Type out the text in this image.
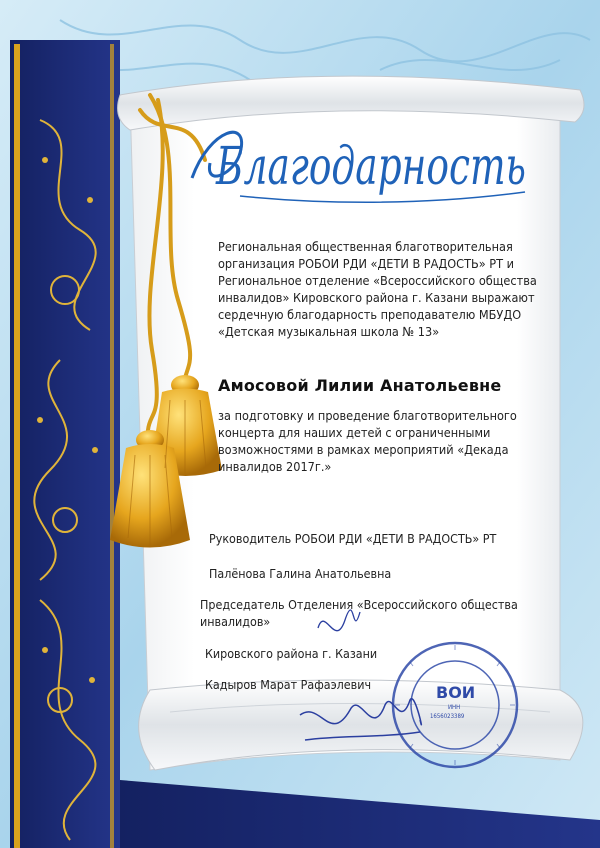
Благодарность
Региональная общественная благотворительная
организация РОБОИ РДИ «ДЕТИ В РАДОСТЬ» РТ и
Региональное отделение «Всероссийского общества
инвалидов» Кировского района г. Казани выражают
сердечную благодарность преподавателю МБУДО
«Детская музыкальная школа № 13»
Амосовой Лилии Анатольевне
за подготовку и проведение благотворительного
концерта для наших детей с ограниченными
возможностями в рамках мероприятий «Декада
инвалидов 2017г.»
Руководитель РОБОИ РДИ «ДЕТИ В РАДОСТЬ» РТ
Палёнова Галина Анатольевна
Председатель Отделения «Всероссийского общества
инвалидов»
Кировского района г. Казани
Кадыров Марат Рафаэлевич	ВОИ
ИНН
1656023389
